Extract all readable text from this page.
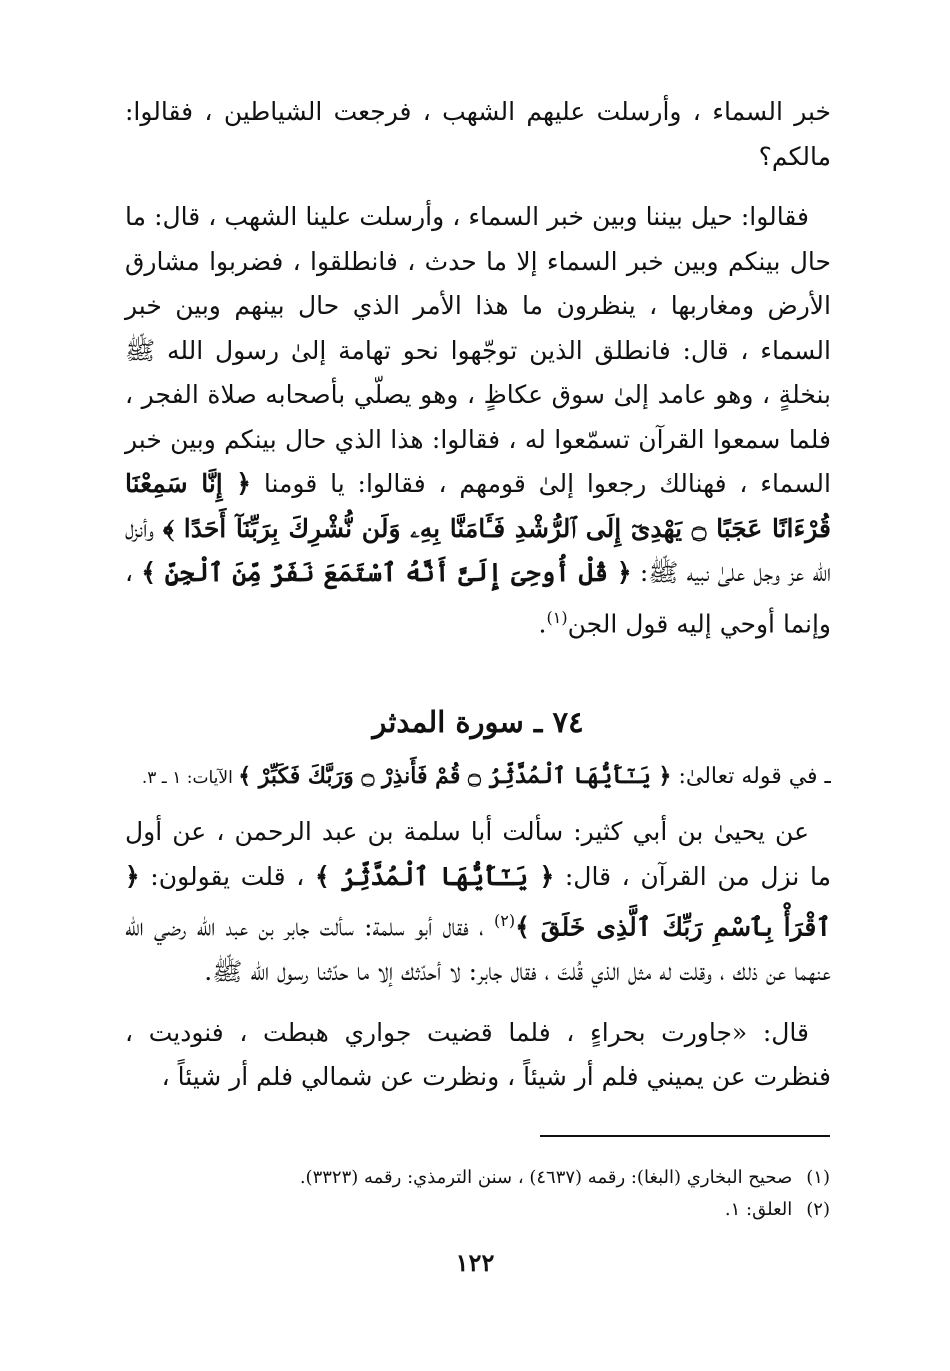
خبر السماء ، وأرسلت عليهم الشهب ، فرجعت الشياطين ، فقالوا: مالكم؟

فقالوا: حيل بيننا وبين خبر السماء ، وأرسلت علينا الشهب ، قال: ما حال بينكم وبين خبر السماء إلا ما حدث ، فانطلقوا ، فضربوا مشارق الأرض ومغاربها ، ينظرون ما هذا الأمر الذي حال بينهم وبين خبر السماء ، قال: فانطلق الذين توجّهوا نحو تهامة إلىٰ رسول الله ﷺ بنخلةٍ ، وهو عامد إلىٰ سوق عكاظٍ ، وهو يصلّي بأصحابه صلاة الفجر ، فلما سمعوا القرآن تسمّعوا له ، فقالوا: هذا الذي حال بينكم وبين خبر السماء ، فهنالك رجعوا إلىٰ قومهم ، فقالوا: يا قومنا ﴿ إِنَّا سَمِعْنَا قُرْءَانًا عَجَبًا ۝ يَهْدِىٓ إِلَى ٱلرُّشْدِ فَـَٔامَنَّا بِهِۦ وَلَن نُّشْرِكَ بِرَبِّنَآ أَحَدًا ﴾ وأنزل الله عز وجل علىٰ نبيه ﷺ: ﴿ قُلْ أُوحِىَ إِلَىَّ أَنَّهُ ٱسْتَمَعَ نَفَرٌ مِّنَ ٱلْجِنِّ ﴾ ، وإنما أوحي إليه قول الجن$^{(١)}$.

٧٤ ـ سورة المدثر
ـ في قوله تعالىٰ: ﴿ يَـٰٓأَيُّهَا ٱلْمُدَّثِّرُ ۝ قُمْ فَأَنذِرْ ۝ وَرَبَّكَ فَكَبِّرْ ﴾ الآيات: ١ ـ ٣.

عن يحيىٰ بن أبي كثير: سألت أبا سلمة بن عبد الرحمن ، عن أول ما نزل من القرآن ، قال: ﴿ يَـٰٓأَيُّهَا ٱلْمُدَّثِّرُ ﴾ ، قلت يقولون: ﴿ ٱقْرَأْ بِٱسْمِ رَبِّكَ ٱلَّذِى خَلَقَ ﴾$^{(٢)}$ ، فقال أبو سلمة: سألت جابر بن عبد الله رضي الله عنهما عن ذلك ، وقلت له مثل الذي قُلتَ ، فقال جابر: لا أحدّثك إلا ما حدّثنا رسول الله ﷺ.

قال: «جاورت بحراءٍ ، فلما قضيت جواري هبطت ، فنوديت ، فنظرت عن يميني فلم أر شيئاً ، ونظرت عن شمالي فلم أر شيئاً ،

(١)صحيح البخاري (البغا): رقمه (٤٦٣٧) ، سنن الترمذي: رقمه (٣٣٢٣).

(٢)العلق: ١.

١٢٢
